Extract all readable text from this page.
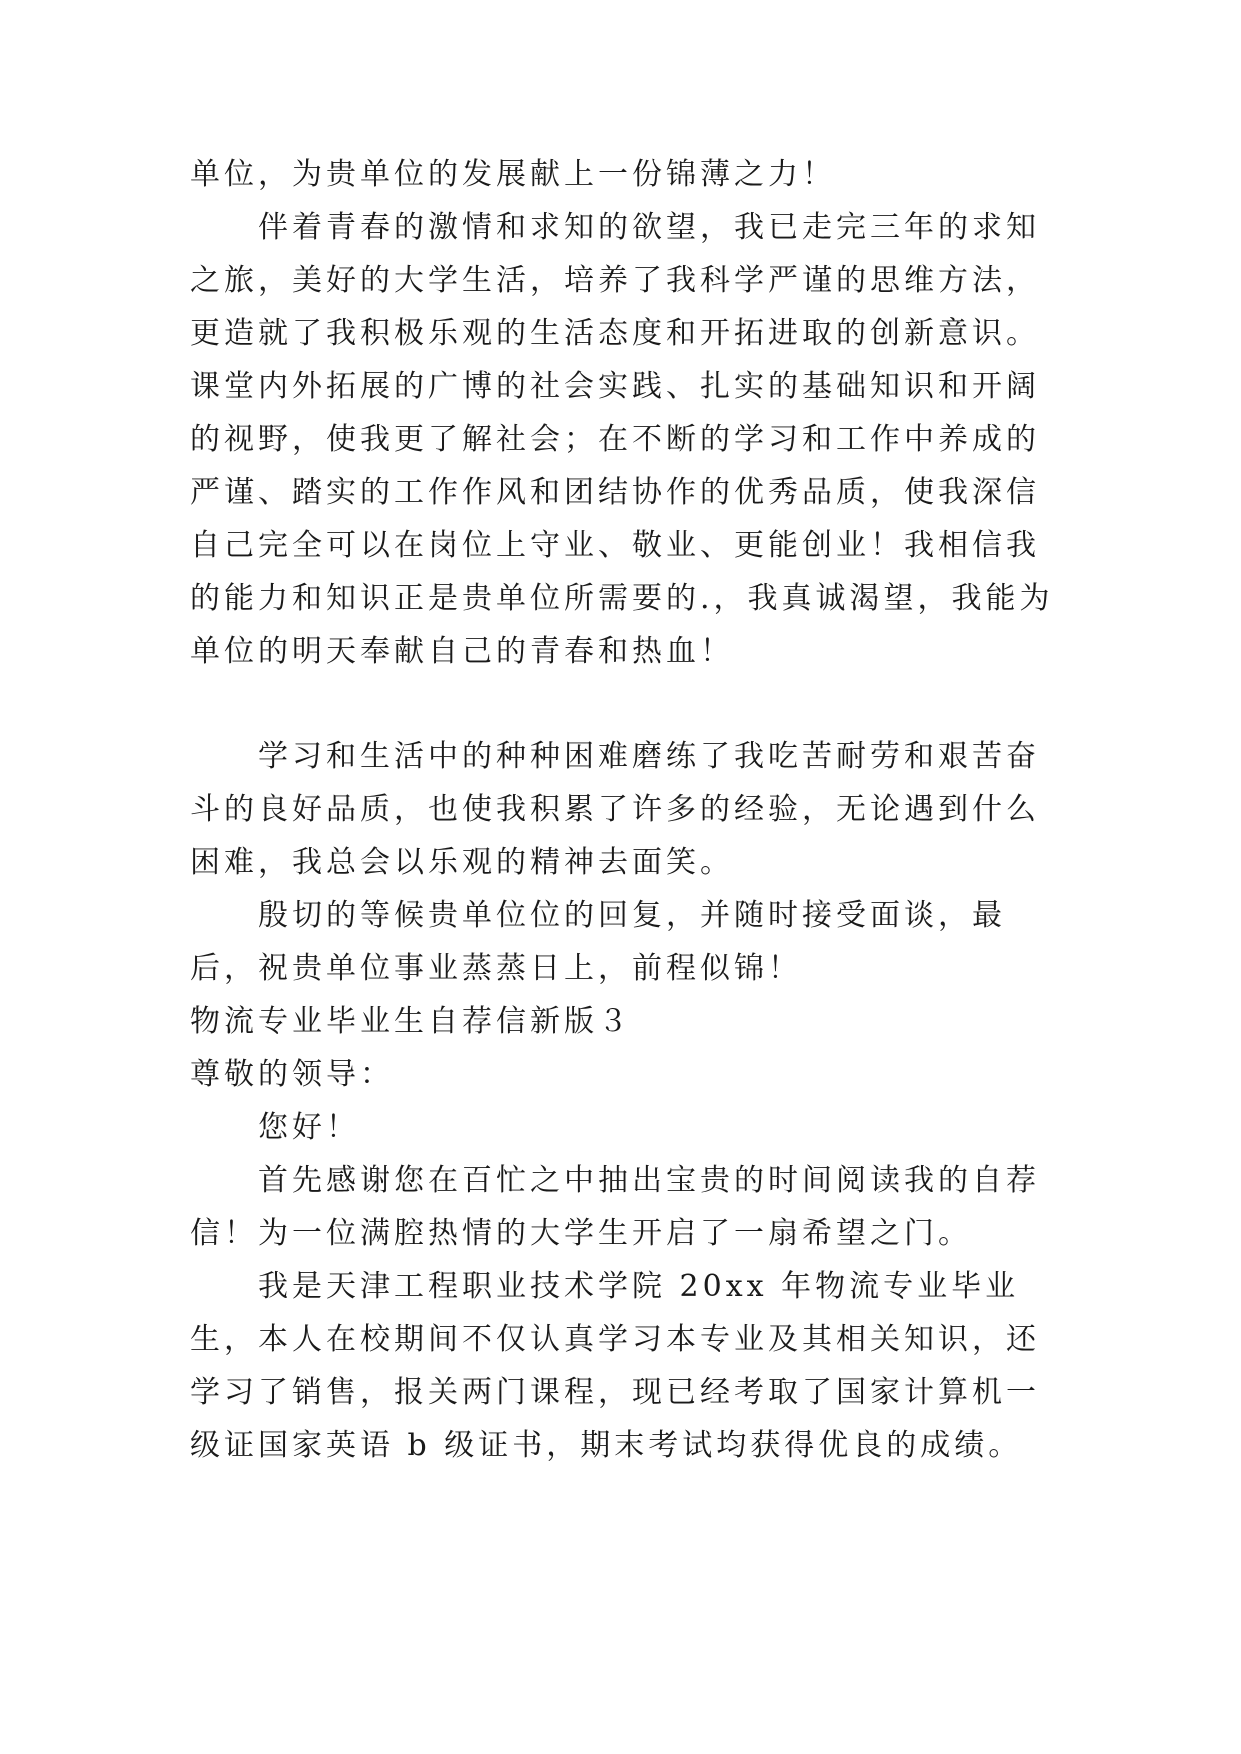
单位，为贵单位的发展献上一份锦薄之力！

伴着青春的激情和求知的欲望，我已走完三年的求知之旅，美好的大学生活，培养了我科学严谨的思维方法，更造就了我积极乐观的生活态度和开拓进取的创新意识。课堂内外拓展的广博的社会实践、扎实的基础知识和开阔的视野，使我更了解社会；在不断的学习和工作中养成的严谨、踏实的工作作风和团结协作的优秀品质，使我深信自己完全可以在岗位上守业、敬业、更能创业！我相信我的能力和知识正是贵单位所需要的.，我真诚渴望，我能为单位的明天奉献自己的青春和热血！

学习和生活中的种种困难磨练了我吃苦耐劳和艰苦奋斗的良好品质，也使我积累了许多的经验，无论遇到什么困难，我总会以乐观的精神去面笑。

殷切的等候贵单位位的回复，并随时接受面谈，最后，祝贵单位事业蒸蒸日上，前程似锦！

物流专业毕业生自荐信新版３

尊敬的领导：

您好！

首先感谢您在百忙之中抽出宝贵的时间阅读我的自荐信！为一位满腔热情的大学生开启了一扇希望之门。

我是天津工程职业技术学院 20xx 年物流专业毕业生，本人在校期间不仅认真学习本专业及其相关知识，还学习了销售，报关两门课程，现已经考取了国家计算机一级证国家英语 b 级证书，期末考试均获得优良的成绩。
